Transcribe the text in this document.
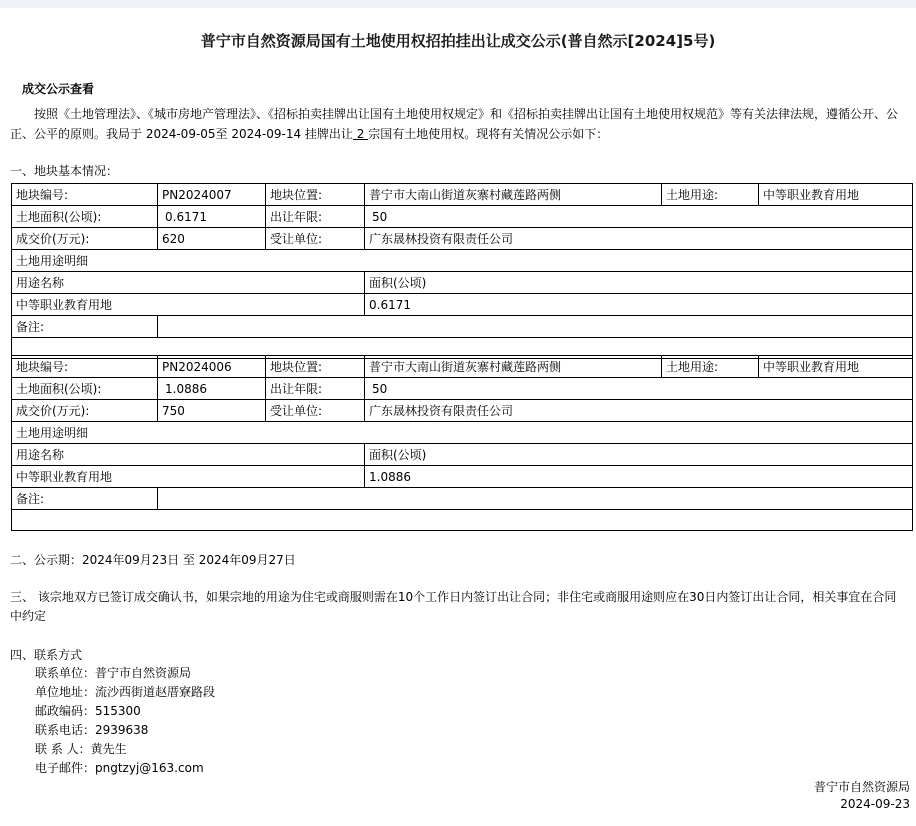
普宁市自然资源局国有土地使用权招拍挂出让成交公示(普自然示[2024]5号)
成交公示查看
按照《土地管理法》、《城市房地产管理法》、《招标拍卖挂牌出让国有土地使用权规定》和《招标拍卖挂牌出让国有土地使用权规范》等有关法律法规，遵循公开、公正、公平的原则。我局于 2024-09-05至 2024-09-14 挂牌出让 2 宗国有土地使用权。现将有关情况公示如下：
一、地块基本情况：
地块编号:	PN2024007	地块位置:	普宁市大南山街道灰寨村藏莲路两侧	土地用途:	中等职业教育用地
土地面积(公顷):	0.6171	出让年限:	50		
成交价(万元):	620	受让单位:	广东晟林投资有限责任公司		
土地用途明细					
用途名称			面积(公顷)		
中等职业教育用地			0.6171		
备注:					

地块编号:	PN2024006	地块位置:	普宁市大南山街道灰寨村藏莲路两侧	土地用途:	中等职业教育用地
土地面积(公顷):	1.0886	出让年限:	50		
成交价(万元):	750	受让单位:	广东晟林投资有限责任公司		
土地用途明细					
用途名称			面积(公顷)		
中等职业教育用地			1.0886		
备注:					

二、公示期：2024年09月23日 至 2024年09月27日
三、 该宗地双方已签订成交确认书，如果宗地的用途为住宅或商服则需在10个工作日内签订出让合同；非住宅或商服用途则应在30日内签订出让合同，相关事宜在合同中约定
四、联系方式
联系单位：普宁市自然资源局
单位地址：流沙西街道赵厝寮路段
邮政编码：515300
联系电话：2939638
联 系 人：黄先生
电子邮件：pngtzyj@163.com
普宁市自然资源局
2024-09-23
